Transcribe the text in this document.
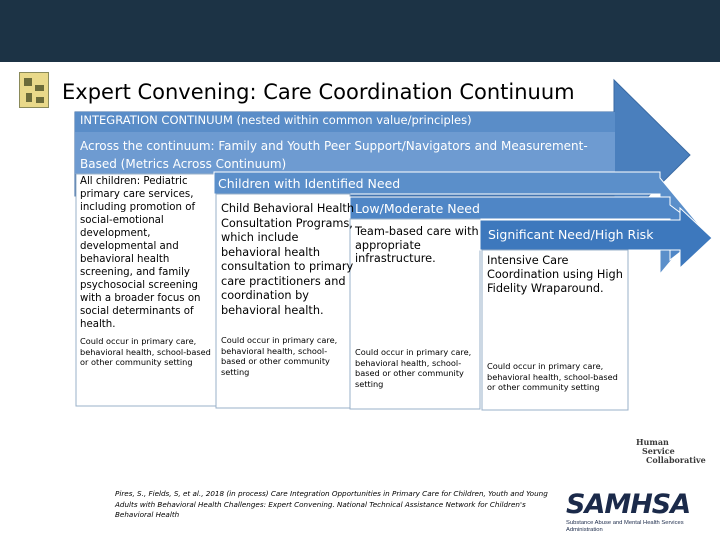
Expert Convening: Care Coordination Continuum
INTEGRATION CONTINUUM (nested within common value/principles)
Across the continuum: Family and Youth Peer Support/Navigators and Measurement-Based (Metrics Across Continuum)
All children: Pediatric primary care services, including promotion of social-emotional development, developmental and behavioral health screening, and family psychosocial screening with a broader focus on social determinants of health.
Could occur in primary care, behavioral health, school-based or other community setting
Children with Identified Need
Child Behavioral Health Consultation Programs, which include behavioral health consultation to primary care practitioners and coordination by behavioral health.
Could occur in primary care, behavioral health, school-based or other community setting
Low/Moderate Need
Team-based care with appropriate infrastructure.
Could occur in primary care, behavioral health, school-based or other community setting
Significant Need/High Risk
Intensive Care Coordination using High Fidelity Wraparound.
Could occur in primary care, behavioral health, school-based or other community setting
Pires, S., Fields, S, et al., 2018 (in process) Care Integration Opportunities in Primary Care for Children, Youth and Young Adults with Behavioral Health Challenges: Expert Convening. National Technical Assistance Network for Children's Behavioral Health
Human
Service
Collaborative
SAMHSA
Substance Abuse and Mental Health Services Administration
